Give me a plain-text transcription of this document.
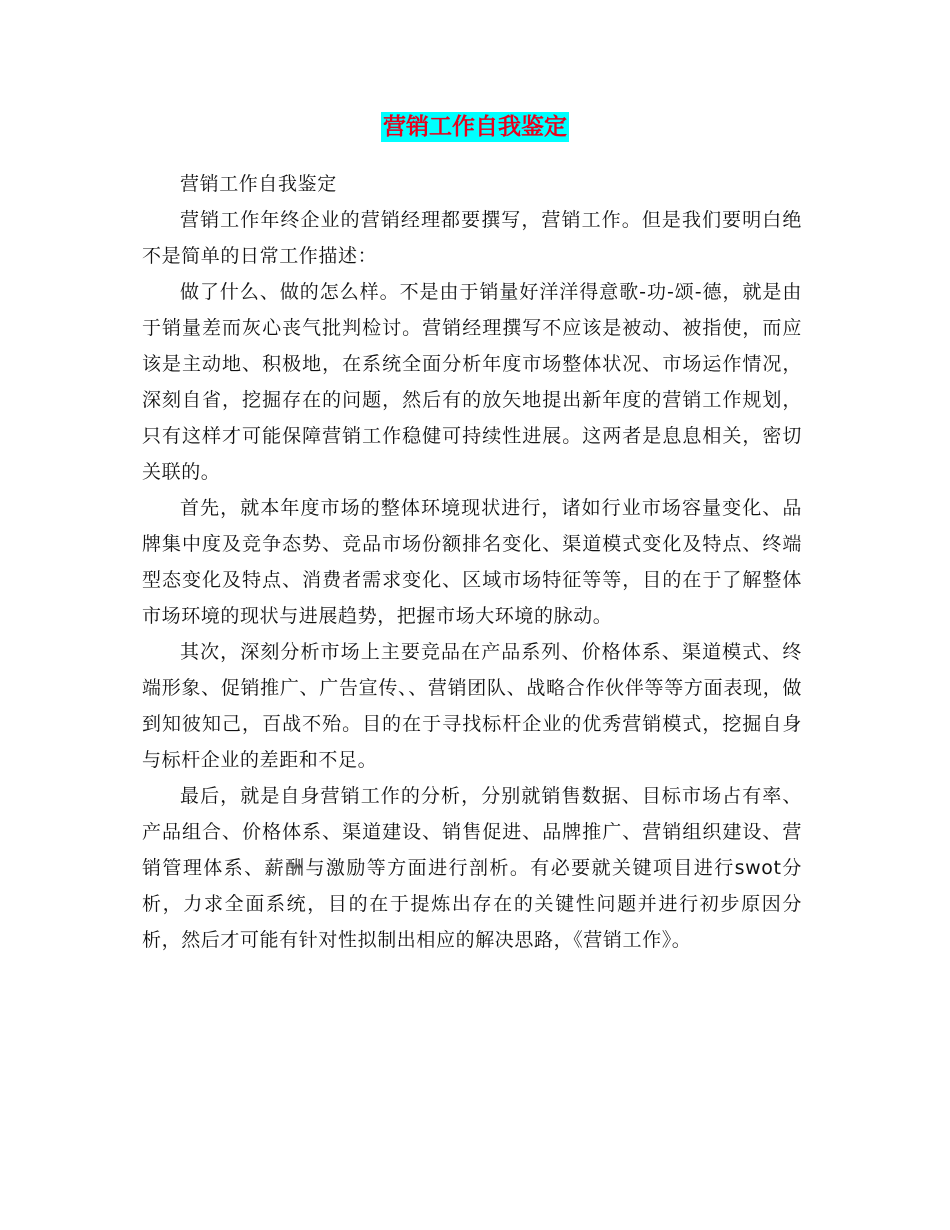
营销工作自我鉴定

营销工作自我鉴定

营销工作年终企业的营销经理都要撰写，营销工作。但是我们要明白绝不是简单的日常工作描述：

做了什么、做的怎么样。不是由于销量好洋洋得意歌-功-颂-德，就是由于销量差而灰心丧气批判检讨。营销经理撰写不应该是被动、被指使，而应该是主动地、积极地，在系统全面分析年度市场整体状况、市场运作情况，深刻自省，挖掘存在的问题，然后有的放矢地提出新年度的营销工作规划，只有这样才可能保障营销工作稳健可持续性进展。这两者是息息相关，密切关联的。

首先，就本年度市场的整体环境现状进行，诸如行业市场容量变化、品牌集中度及竞争态势、竞品市场份额排名变化、渠道模式变化及特点、终端型态变化及特点、消费者需求变化、区域市场特征等等，目的在于了解整体市场环境的现状与进展趋势，把握市场大环境的脉动。

其次，深刻分析市场上主要竞品在产品系列、价格体系、渠道模式、终端形象、促销推广、广告宣传、、营销团队、战略合作伙伴等等方面表现，做到知彼知己，百战不殆。目的在于寻找标杆企业的优秀营销模式，挖掘自身与标杆企业的差距和不足。

最后，就是自身营销工作的分析，分别就销售数据、目标市场占有率、产品组合、价格体系、渠道建设、销售促进、品牌推广、营销组织建设、营销管理体系、薪酬与激励等方面进行剖析。有必要就关键项目进行swot分析，力求全面系统，目的在于提炼出存在的关键性问题并进行初步原因分析，然后才可能有针对性拟制出相应的解决思路，《营销工作》。
